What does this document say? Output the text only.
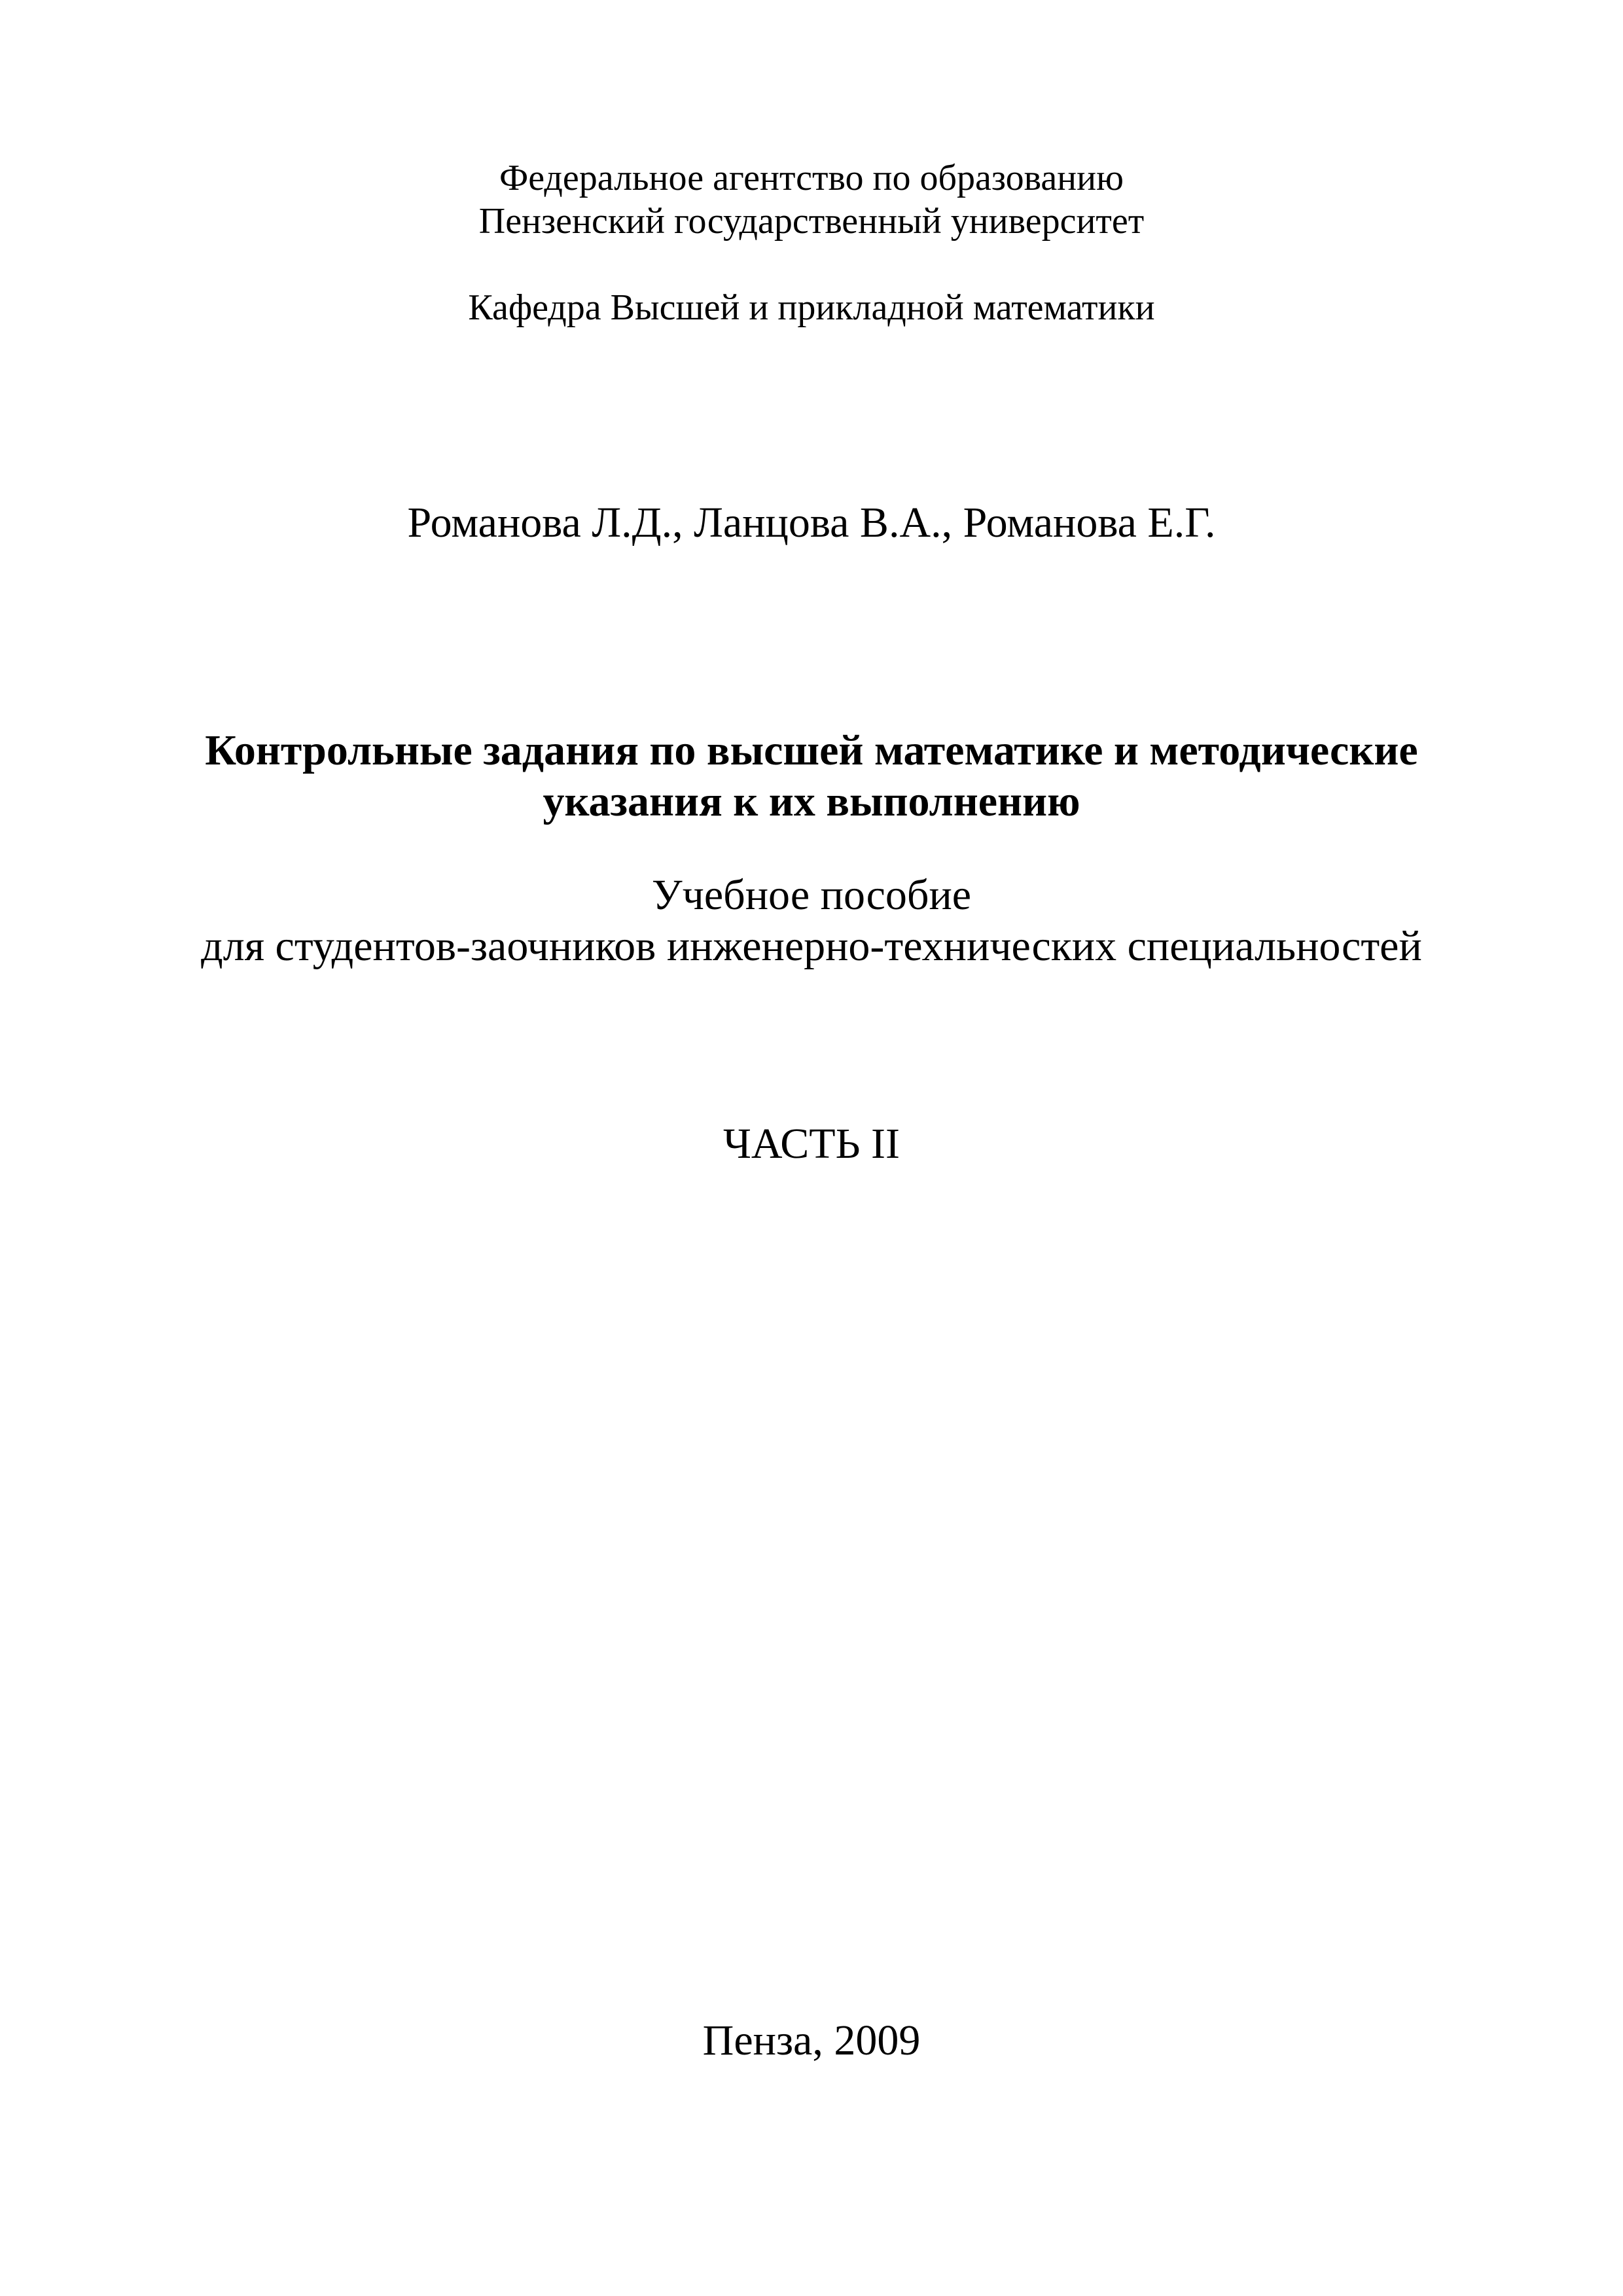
Федеральное агентство по образованию
Пензенский государственный университет
Кафедра Высшей и прикладной математики
Романова Л.Д., Ланцова В.А., Романова Е.Г.
Контрольные задания по высшей математике и методические
указания к их выполнению
Учебное пособие
для студентов-заочников инженерно-технических специальностей
ЧАСТЬ II
Пенза, 2009
